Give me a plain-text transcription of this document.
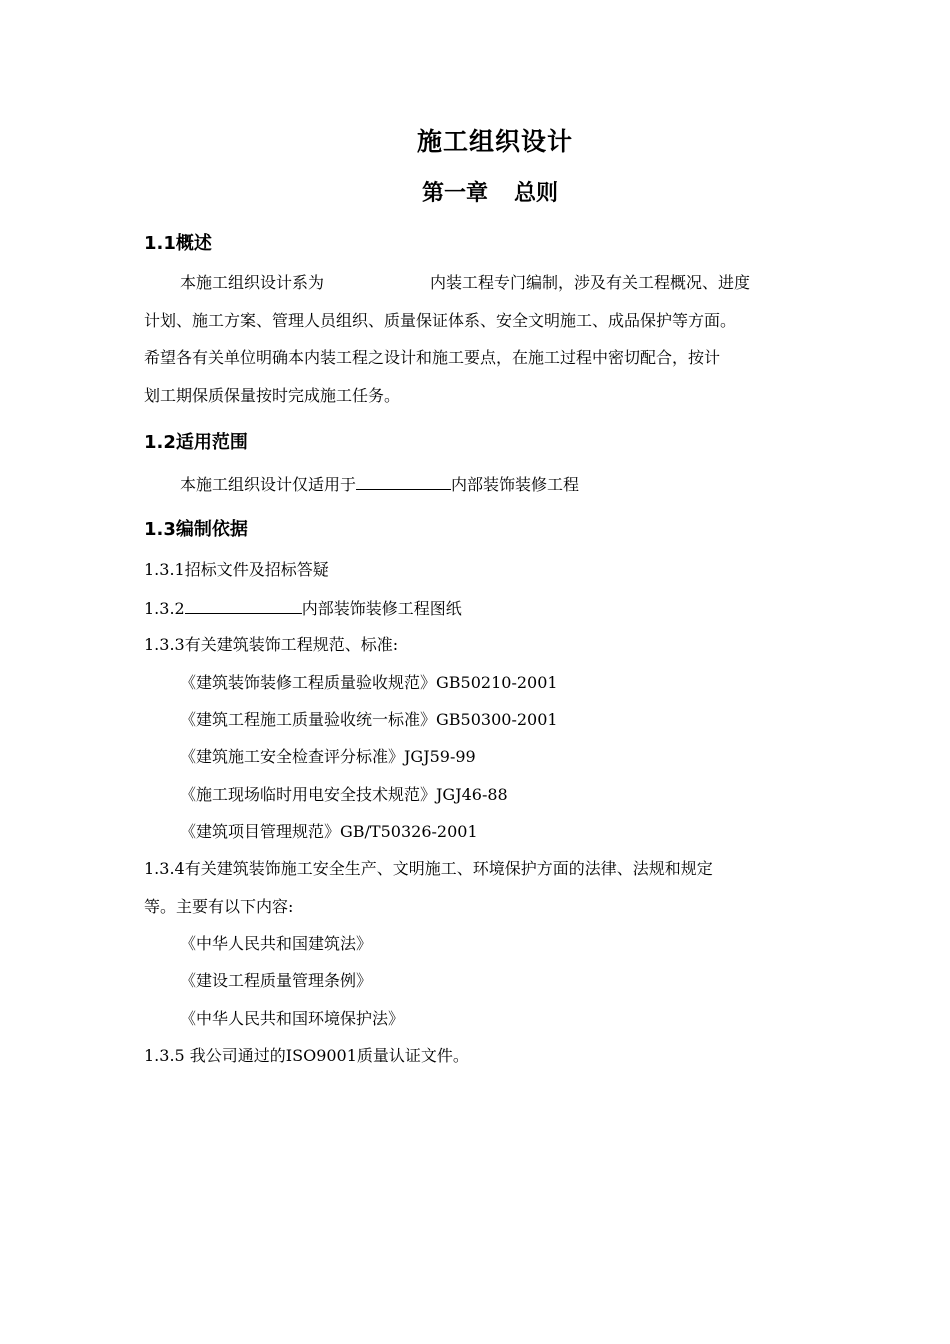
施工组织设计
第一章 总则
1.1概述
本施工组织设计系为	内装工程专门编制，涉及有关工程概况、进度
计划、施工方案、管理人员组织、质量保证体系、安全文明施工、成品保护等方面。
希望各有关单位明确本内装工程之设计和施工要点，在施工过程中密切配合，按计
划工期保质保量按时完成施工任务。
1.2适用范围
本施工组织设计仅适用于	内部装饰装修工程
1.3编制依据
1.3.1招标文件及招标答疑
1.3.2	内部装饰装修工程图纸
1.3.3有关建筑装饰工程规范、标准:
《建筑装饰装修工程质量验收规范》GB50210-2001
《建筑工程施工质量验收统一标准》GB50300-2001
《建筑施工安全检查评分标准》JGJ59-99
《施工现场临时用电安全技术规范》JGJ46-88
《建筑项目管理规范》GB/T50326-2001
1.3.4有关建筑装饰施工安全生产、文明施工、环境保护方面的法律、法规和规定
等。主要有以下内容:
《中华人民共和国建筑法》
《建设工程质量管理条例》
《中华人民共和国环境保护法》
1.3.5 我公司通过的ISO9001质量认证文件。
